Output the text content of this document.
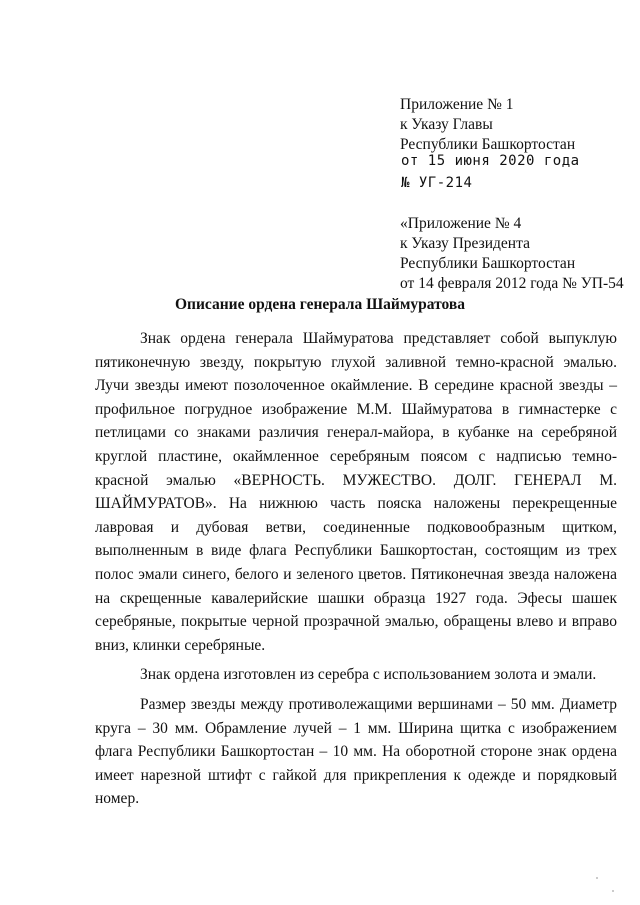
Приложение № 1
к Указу Главы
Республики Башкортостан
от 15 июня 2020 года
№ УГ-214
«Приложение № 4
к Указу Президента
Республики Башкортостан
от 14 февраля 2012 года № УП-54
Описание ордена генерала Шаймуратова

Знак ордена генерала Шаймуратова представляет собой выпуклую пятиконечную звезду, покрытую глухой заливной темно-красной эмалью. Лучи звезды имеют позолоченное окаймление. В середине красной звезды – профильное погрудное изображение М.М. Шаймуратова в гимнастерке с петлицами со знаками различия генерал-майора, в кубанке на серебряной круглой пластине, окаймленное серебряным поясом с надписью темно-красной эмалью «ВЕРНОСТЬ. МУЖЕСТВО. ДОЛГ. ГЕНЕРАЛ М. ШАЙМУРАТОВ». На нижнюю часть пояска наложены перекрещенные лавровая и дубовая ветви, соединенные подковообразным щитком, выполненным в виде флага Республики Башкортостан, состоящим из трех полос эмали синего, белого и зеленого цветов. Пятиконечная звезда наложена на скрещенные кавалерийские шашки образца 1927 года. Эфесы шашек серебряные, покрытые черной прозрачной эмалью, обращены влево и вправо вниз, клинки серебряные.

Знак ордена изготовлен из серебра с использованием золота и эмали.

Размер звезды между противолежащими вершинами – 50 мм. Диаметр круга – 30 мм. Обрамление лучей – 1 мм. Ширина щитка с изображением флага Республики Башкортостан – 10 мм. На оборотной стороне знак ордена имеет нарезной штифт с гайкой для прикрепления к одежде и порядковый номер.
